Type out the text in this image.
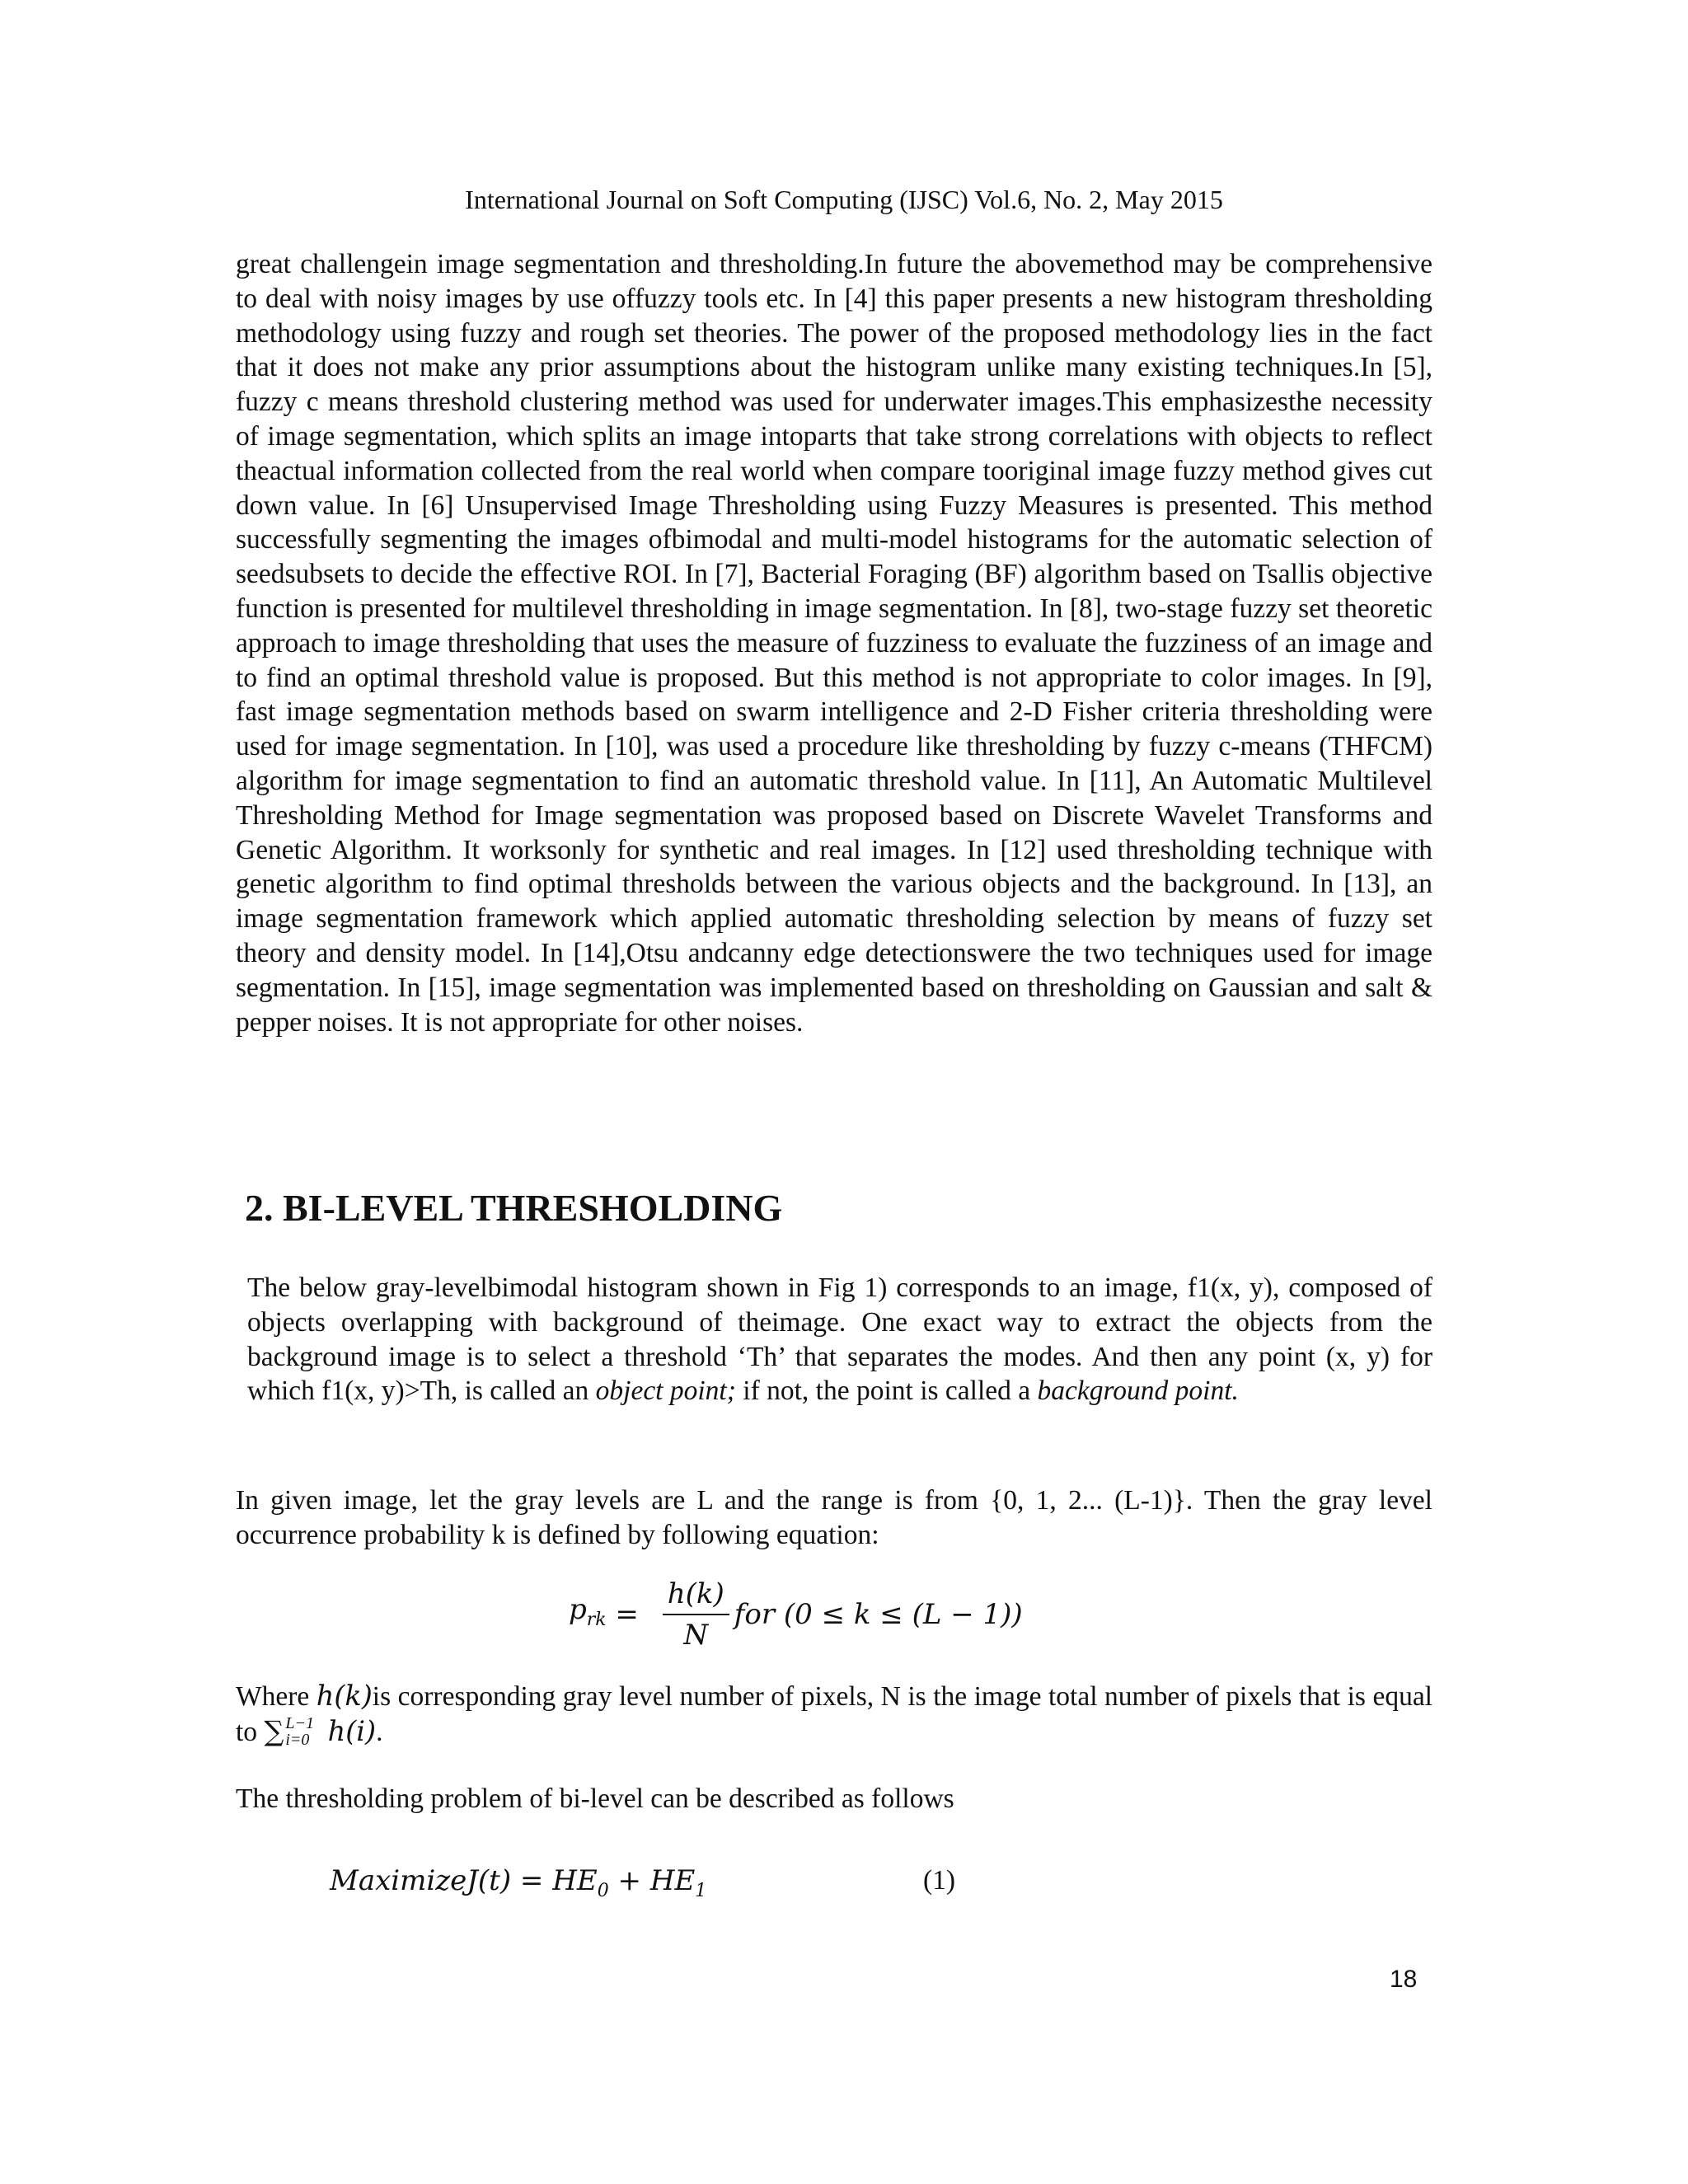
International Journal on Soft Computing (IJSC) Vol.6, No. 2, May 2015

great challengein image segmentation and thresholding.In future the abovemethod may be comprehensive to deal with noisy images by use offuzzy tools etc. In [4] this paper presents a new histogram thresholding methodology using fuzzy and rough set theories. The power of the proposed methodology lies in the fact that it does not make any prior assumptions about the histogram unlike many existing techniques.In [5], fuzzy c means threshold clustering method was used for underwater images.This emphasizesthe necessity of image segmentation, which splits an image intoparts that take strong correlations with objects to reflect theactual information collected from the real world when compare tooriginal image fuzzy method gives cut down value. In [6] Unsupervised Image Thresholding using Fuzzy Measures is presented. This method successfully segmenting the images ofbimodal and multi-model histograms for the automatic selection of seedsubsets to decide the effective ROI. In [7], Bacterial Foraging (BF) algorithm based on Tsallis objective function is presented for multilevel thresholding in image segmentation. In [8], two-stage fuzzy set theoretic approach to image thresholding that uses the measure of fuzziness to evaluate the fuzziness of an image and to find an optimal threshold value is proposed. But this method is not appropriate to color images. In [9], fast image segmentation methods based on swarm intelligence and 2-D Fisher criteria thresholding were used for image segmentation. In [10], was used a procedure like thresholding by fuzzy c-means (THFCM) algorithm for image segmentation to find an automatic threshold value. In [11], An Automatic Multilevel Thresholding Method for Image segmentation was proposed based on Discrete Wavelet Transforms and Genetic Algorithm. It worksonly for synthetic and real images. In [12] used thresholding technique with genetic algorithm to find optimal thresholds between the various objects and the background. In [13], an image segmentation framework which applied automatic thresholding selection by means of fuzzy set theory and density model. In [14],Otsu andcanny edge detectionswere the two techniques used for image segmentation. In [15], image segmentation was implemented based on thresholding on Gaussian and salt & pepper noises. It is not appropriate for other noises.

2. BI-LEVEL THRESHOLDING

The below gray-levelbimodal histogram shown in Fig 1) corresponds to an image, f1(x, y), composed of objects overlapping with background of theimage. One exact way to extract the objects from the background image is to select a threshold ‘Th’ that separates the modes. And then any point (x, y) for which f1(x, y)>Th, is called an object point; if not, the point is called a background point.

In given image, let the gray levels are L and the range is from {0, 1, 2... (L-1)}. Then the gray level occurrence probability k is defined by following equation:

$p_{rk} = \frac{h(k)}{N}$ for (0 ≤ k ≤ (L − 1))

Where h(k)is corresponding gray level number of pixels, N is the image total number of pixels that is equal to ∑ L−1
i=0 h(i) .

The thresholding problem of bi-level can be described as follows

MaximizeJ(t) = $HE_0 + HE_1$	(1)
18
